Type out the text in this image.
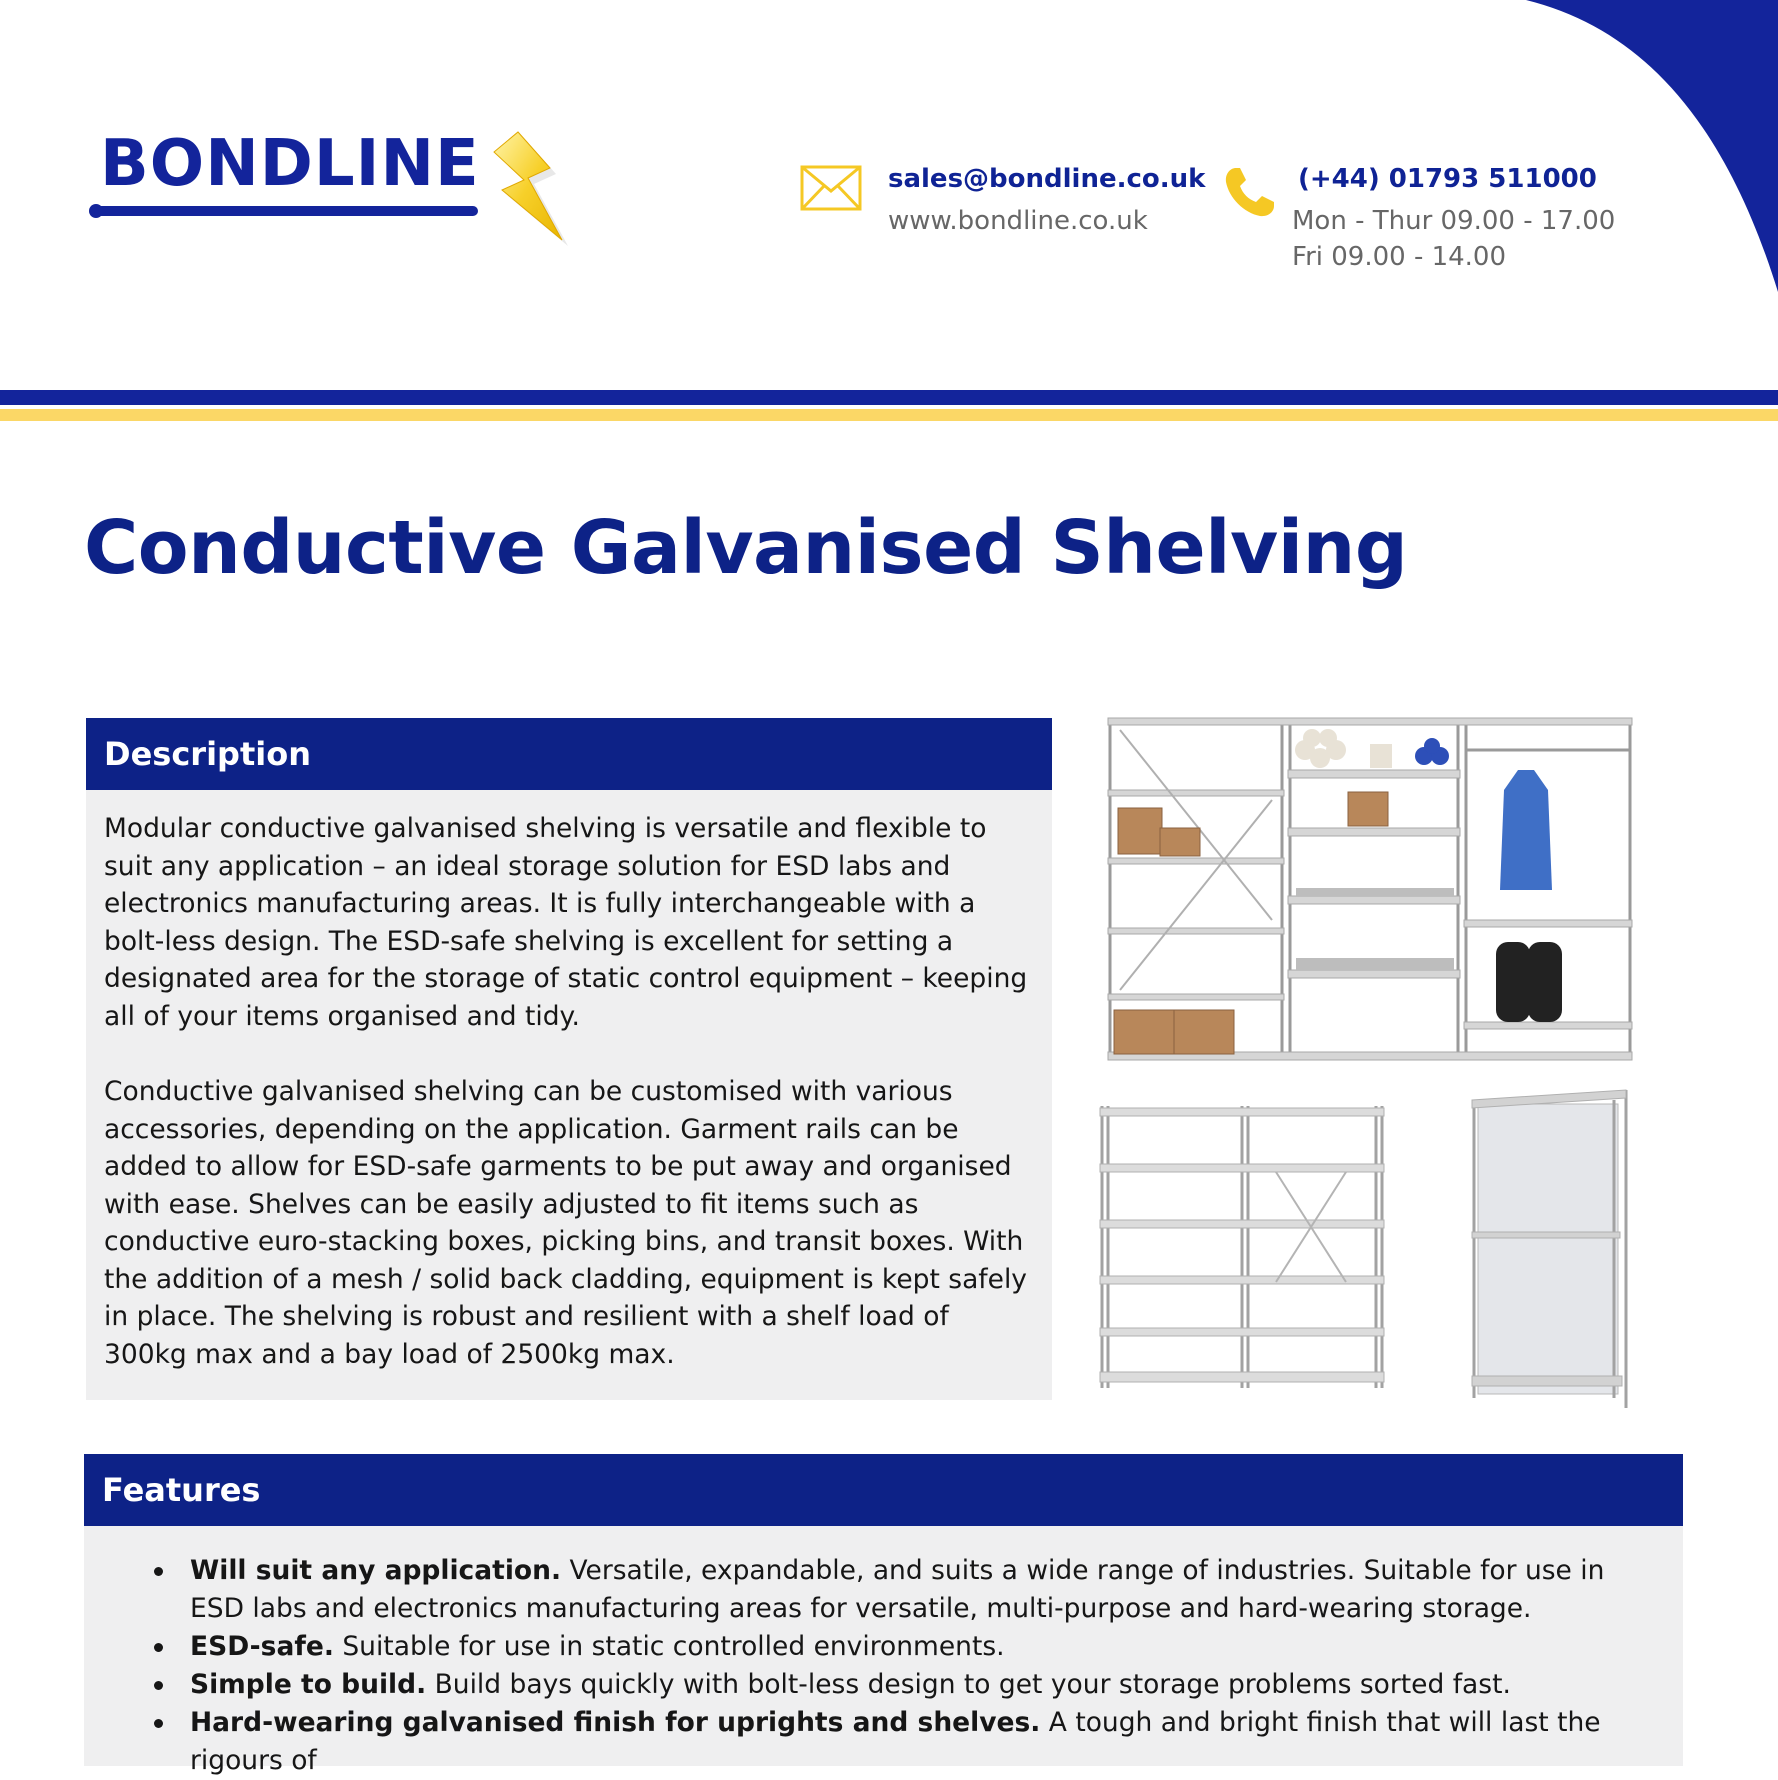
BONDLINE	sales@bondline.co.uk
www.bondline.co.uk
(+44) 01793 511000
Mon - Thur 09.00 - 17.00
Fri 09.00 - 14.00
Conductive Galvanised Shelving
Description

Modular conductive galvanised shelving is versatile and flexible to suit any application – an ideal storage solution for ESD labs and electronics manufacturing areas. It is fully interchangeable with a bolt-less design. The ESD-safe shelving is excellent for setting a designated area for the storage of static control equipment – keeping all of your items organised and tidy.

Conductive galvanised shelving can be customised with various accessories, depending on the application. Garment rails can be added to allow for ESD-safe garments to be put away and organised with ease. Shelves can be easily adjusted to fit items such as conductive euro-stacking boxes, picking bins, and transit boxes. With the addition of a mesh / solid back cladding, equipment is kept safely in place. The shelving is robust and resilient with a shelf load of 300kg max and a bay load of 2500kg max.

Features
Will suit any application. Versatile, expandable, and suits a wide range of industries. Suitable for use in ESD labs and electronics manufacturing areas for versatile, multi-purpose and hard-wearing storage.
ESD-safe. Suitable for use in static controlled environments.
Simple to build. Build bays quickly with bolt-less design to get your storage problems sorted fast.
Hard-wearing galvanised finish for uprights and shelves. A tough and bright finish that will last the rigours of
